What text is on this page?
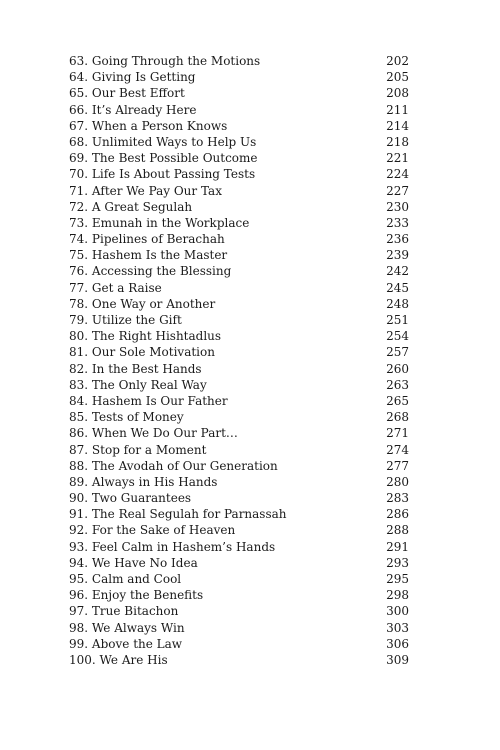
63. Going Through the Motions	202
64. Giving Is Getting	205
65. Our Best Effort	208
66. It’s Already Here	211
67. When a Person Knows	214
68. Unlimited Ways to Help Us	218
69. The Best Possible Outcome	221
70. Life Is About Passing Tests	224
71. After We Pay Our Tax	227
72. A Great Segulah	230
73. Emunah in the Workplace	233
74. Pipelines of Berachah	236
75. Hashem Is the Master	239
76. Accessing the Blessing	242
77. Get a Raise	245
78. One Way or Another	248
79. Utilize the Gift	251
80. The Right Hishtadlus	254
81. Our Sole Motivation	257
82. In the Best Hands	260
83. The Only Real Way	263
84. Hashem Is Our Father	265
85. Tests of Money	268
86. When We Do Our Part…	271
87. Stop for a Moment	274
88. The Avodah of Our Generation	277
89. Always in His Hands	280
90. Two Guarantees	283
91. The Real Segulah for Parnassah	286
92. For the Sake of Heaven	288
93. Feel Calm in Hashem’s Hands	291
94. We Have No Idea	293
95. Calm and Cool	295
96. Enjoy the Benefits	298
97. True Bitachon	300
98. We Always Win	303
99. Above the Law	306
100. We Are His	309
